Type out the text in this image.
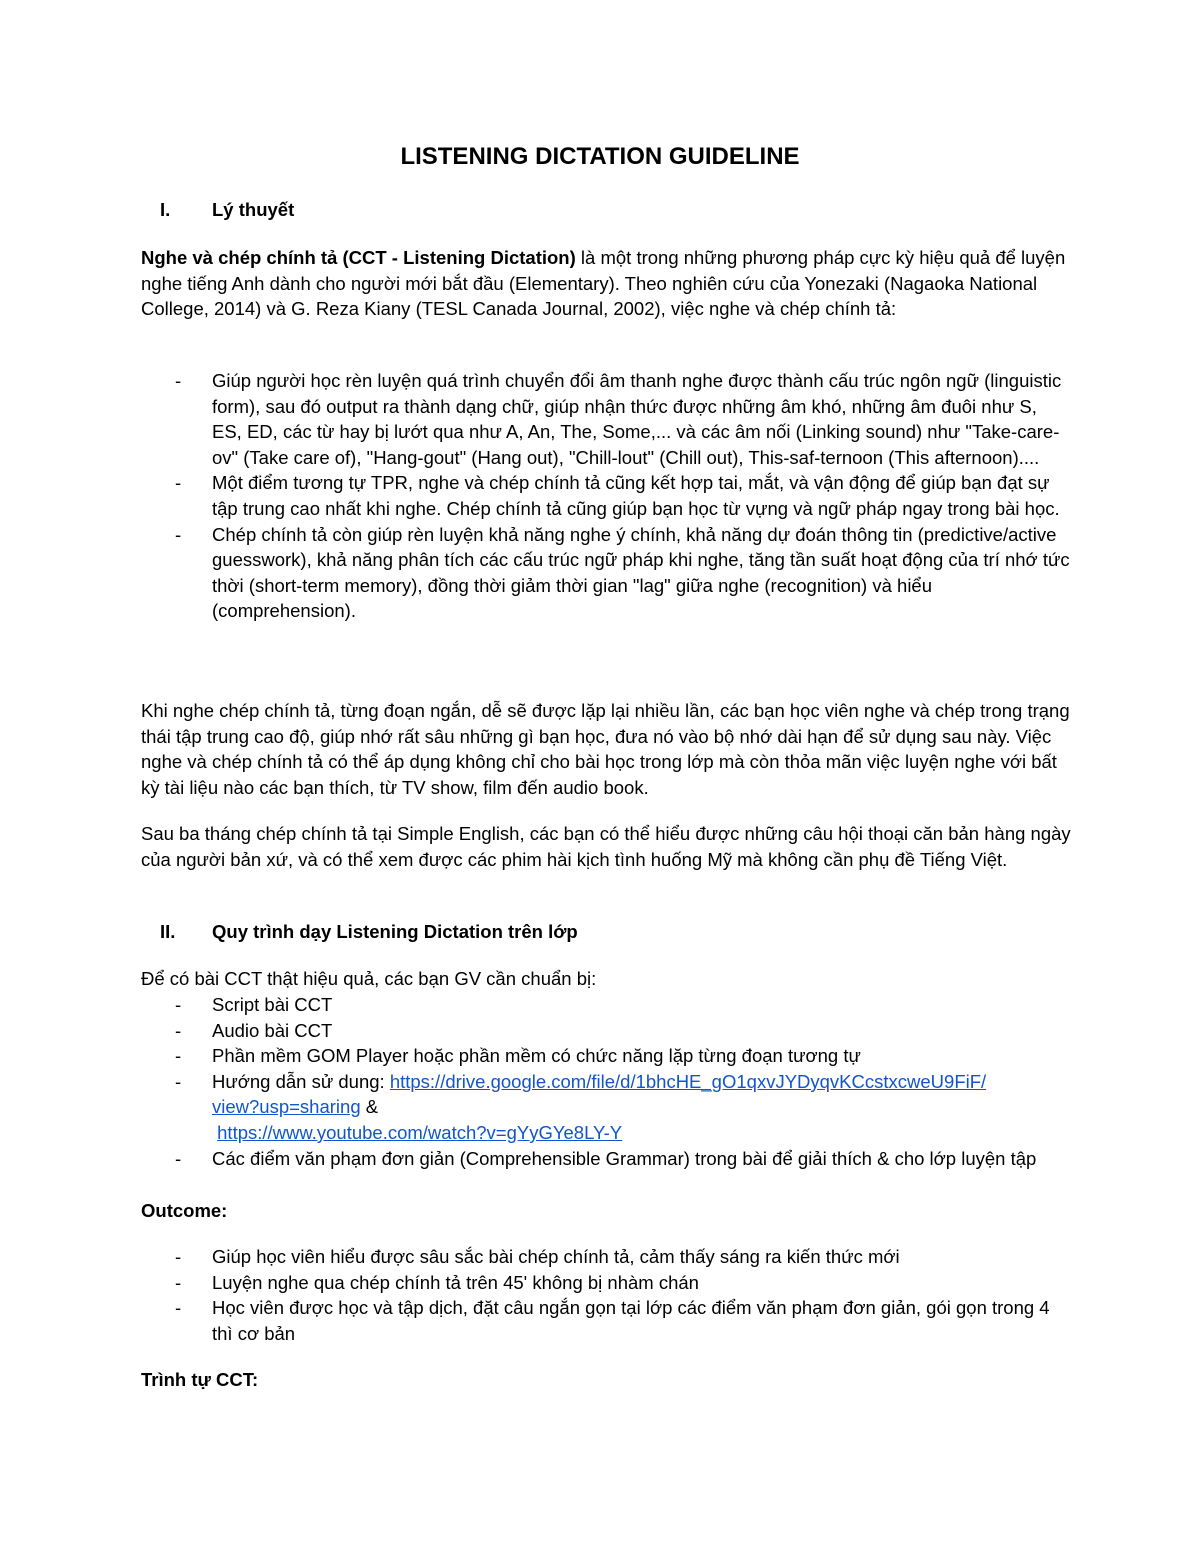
LISTENING DICTATION GUIDELINE
I. Lý thuyết

Nghe và chép chính tả (CCT - Listening Dictation) là một trong những phương pháp cực kỳ hiệu quả để luyện nghe tiếng Anh dành cho người mới bắt đầu (Elementary). Theo nghiên cứu của Yonezaki (Nagaoka National College, 2014) và G. Reza Kiany (TESL Canada Journal, 2002), việc nghe và chép chính tả:

- Giúp người học rèn luyện quá trình chuyển đổi âm thanh nghe được thành cấu trúc ngôn ngữ (linguistic form), sau đó output ra thành dạng chữ, giúp nhận thức được những âm khó, những âm đuôi như S, ES, ED, các từ hay bị lướt qua như A, An, The, Some,... và các âm nối (Linking sound) như "Take-care-ov" (Take care of), "Hang-gout" (Hang out), "Chill-lout" (Chill out), This-saf-ternoon (This afternoon)....
- Một điểm tương tự TPR, nghe và chép chính tả cũng kết hợp tai, mắt, và vận động để giúp bạn đạt sự tập trung cao nhất khi nghe. Chép chính tả cũng giúp bạn học từ vựng và ngữ pháp ngay trong bài học.
- Chép chính tả còn giúp rèn luyện khả năng nghe ý chính, khả năng dự đoán thông tin (predictive/active guesswork), khả năng phân tích các cấu trúc ngữ pháp khi nghe, tăng tần suất hoạt động của trí nhớ tức thời (short-term memory), đồng thời giảm thời gian "lag" giữa nghe (recognition) và hiểu (comprehension).

Khi nghe chép chính tả, từng đoạn ngắn, dễ sẽ được lặp lại nhiều lần, các bạn học viên nghe và chép trong trạng thái tập trung cao độ, giúp nhớ rất sâu những gì bạn học, đưa nó vào bộ nhớ dài hạn để sử dụng sau này. Việc nghe và chép chính tả có thể áp dụng không chỉ cho bài học trong lớp mà còn thỏa mãn việc luyện nghe với bất kỳ tài liệu nào các bạn thích, từ TV show, film đến audio book.

Sau ba tháng chép chính tả tại Simple English, các bạn có thể hiểu được những câu hội thoại căn bản hàng ngày của người bản xứ, và có thể xem được các phim hài kịch tình huống Mỹ mà không cần phụ đề Tiếng Việt.

II. Quy trình dạy Listening Dictation trên lớp

Để có bài CCT thật hiệu quả, các bạn GV cần chuẩn bị:

- Script bài CCT
- Audio bài CCT
- Phần mềm GOM Player hoặc phần mềm có chức năng lặp từng đoạn tương tự
- Hướng dẫn sử dung: https://drive.google.com/file/d/1bhcHE_gO1qxvJYDyqvKCcstxcweU9FiF/
view?usp=sharing &
https://www.youtube.com/watch?v=gYyGYe8LY-Y
- Các điểm văn phạm đơn giản (Comprehensible Grammar) trong bài để giải thích & cho lớp luyện tập

Outcome:

- Giúp học viên hiểu được sâu sắc bài chép chính tả, cảm thấy sáng ra kiến thức mới
- Luyện nghe qua chép chính tả trên 45' không bị nhàm chán
- Học viên được học và tập dịch, đặt câu ngắn gọn tại lớp các điểm văn phạm đơn giản, gói gọn trong 4 thì cơ bản

Trình tự CCT:
